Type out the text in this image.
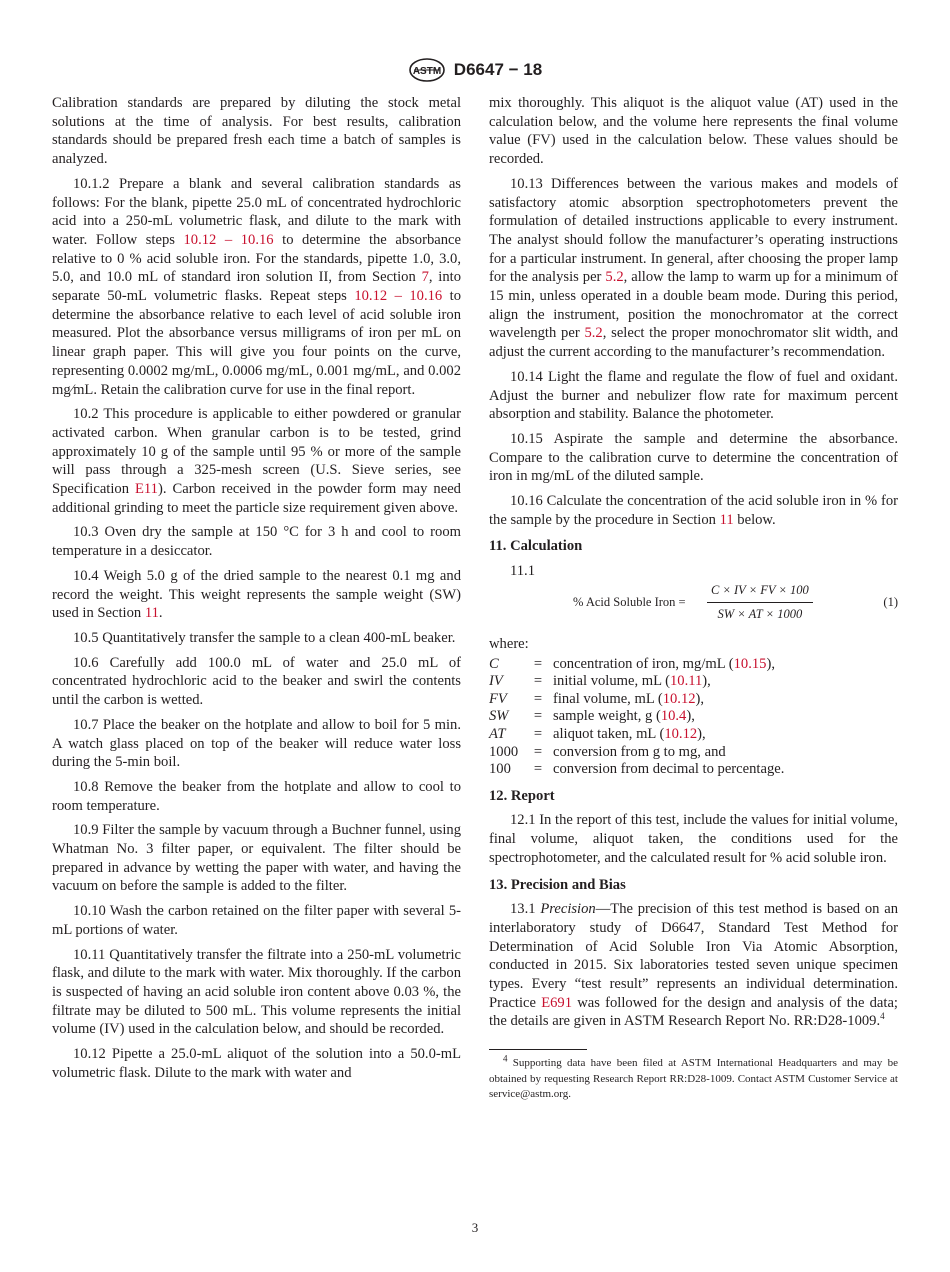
ASTM D6647 − 18

Calibration standards are prepared by diluting the stock metal solutions at the time of analysis. For best results, calibration standards should be prepared fresh each time a batch of samples is analyzed.

10.1.2 Prepare a blank and several calibration standards as follows: For the blank, pipette 25.0 mL of concentrated hydrochloric acid into a 250-mL volumetric flask, and dilute to the mark with water. Follow steps 10.12 – 10.16 to determine the absorbance relative to 0 % acid soluble iron. For the standards, pipette 1.0, 3.0, 5.0, and 10.0 mL of standard iron solution II, from Section 7, into separate 50-mL volumetric flasks. Repeat steps 10.12 – 10.16 to determine the absorbance relative to each level of acid soluble iron measured. Plot the absorbance versus milligrams of iron per mL on linear graph paper. This will give you four points on the curve, representing 0.0002 mg/mL, 0.0006 mg/mL, 0.001 mg/mL, and 0.002 mg⁄mL. Retain the calibration curve for use in the final report.

10.2 This procedure is applicable to either powdered or granular activated carbon. When granular carbon is to be tested, grind approximately 10 g of the sample until 95 % or more of the sample will pass through a 325-mesh screen (U.S. Sieve series, see Specification E11). Carbon received in the powder form may need additional grinding to meet the particle size requirement given above.

10.3 Oven dry the sample at 150 °C for 3 h and cool to room temperature in a desiccator.

10.4 Weigh 5.0 g of the dried sample to the nearest 0.1 mg and record the weight. This weight represents the sample weight (SW) used in Section 11.

10.5 Quantitatively transfer the sample to a clean 400-mL beaker.

10.6 Carefully add 100.0 mL of water and 25.0 mL of concentrated hydrochloric acid to the beaker and swirl the contents until the carbon is wetted.

10.7 Place the beaker on the hotplate and allow to boil for 5 min. A watch glass placed on top of the beaker will reduce water loss during the 5-min boil.

10.8 Remove the beaker from the hotplate and allow to cool to room temperature.

10.9 Filter the sample by vacuum through a Buchner funnel, using Whatman No. 3 filter paper, or equivalent. The filter should be prepared in advance by wetting the paper with water, and having the vacuum on before the sample is added to the filter.

10.10 Wash the carbon retained on the filter paper with several 5-mL portions of water.

10.11 Quantitatively transfer the filtrate into a 250-mL volumetric flask, and dilute to the mark with water. Mix thoroughly. If the carbon is suspected of having an acid soluble iron content above 0.03 %, the filtrate may be diluted to 500 mL. This volume represents the initial volume (IV) used in the calculation below, and should be recorded.

10.12 Pipette a 25.0-mL aliquot of the solution into a 50.0-mL volumetric flask. Dilute to the mark with water and

mix thoroughly. This aliquot is the aliquot value (AT) used in the calculation below, and the volume here represents the final volume value (FV) used in the calculation below. These values should be recorded.

10.13 Differences between the various makes and models of satisfactory atomic absorption spectrophotometers prevent the formulation of detailed instructions applicable to every instrument. The analyst should follow the manufacturer’s operating instructions for a particular instrument. In general, after choosing the proper lamp for the analysis per 5.2, allow the lamp to warm up for a minimum of 15 min, unless operated in a double beam mode. During this period, align the instrument, position the monochromator at the correct wavelength per 5.2, select the proper monochromator slit width, and adjust the current according to the manufacturer’s recommendation.

10.14 Light the flame and regulate the flow of fuel and oxidant. Adjust the burner and nebulizer flow rate for maximum percent absorption and stability. Balance the photometer.

10.15 Aspirate the sample and determine the absorbance. Compare to the calibration curve to determine the concentration of iron in mg/mL of the diluted sample.

10.16 Calculate the concentration of the acid soluble iron in % for the sample by the procedure in Section 11 below.

11. Calculation

11.1

% Acid Soluble Iron = $\frac{C \times IV \times FV \times 100}{SW \times AT \times 1000}$	(1)

where:

C	= concentration of iron, mg/mL (10.15),
IV	= initial volume, mL (10.11),
FV	= final volume, mL (10.12),
SW	= sample weight, g (10.4),
AT	= aliquot taken, mL (10.12),
1000	= conversion from g to mg, and
100	= conversion from decimal to percentage.
12. Report

12.1 In the report of this test, include the values for initial volume, final volume, aliquot taken, the conditions used for the spectrophotometer, and the calculated result for % acid soluble iron.

13. Precision and Bias

13.1 Precision—The precision of this test method is based on an interlaboratory study of D6647, Standard Test Method for Determination of Acid Soluble Iron Via Atomic Absorption, conducted in 2015. Six laboratories tested seven unique specimen types. Every “test result” represents an individual determination. Practice E691 was followed for the design and analysis of the data; the details are given in ASTM Research Report No. RR:D28-1009.$^4$

$^4$ Supporting data have been filed at ASTM International Headquarters and may be obtained by requesting Research Report RR:D28-1009. Contact ASTM Customer Service at service@astm.org.

3
